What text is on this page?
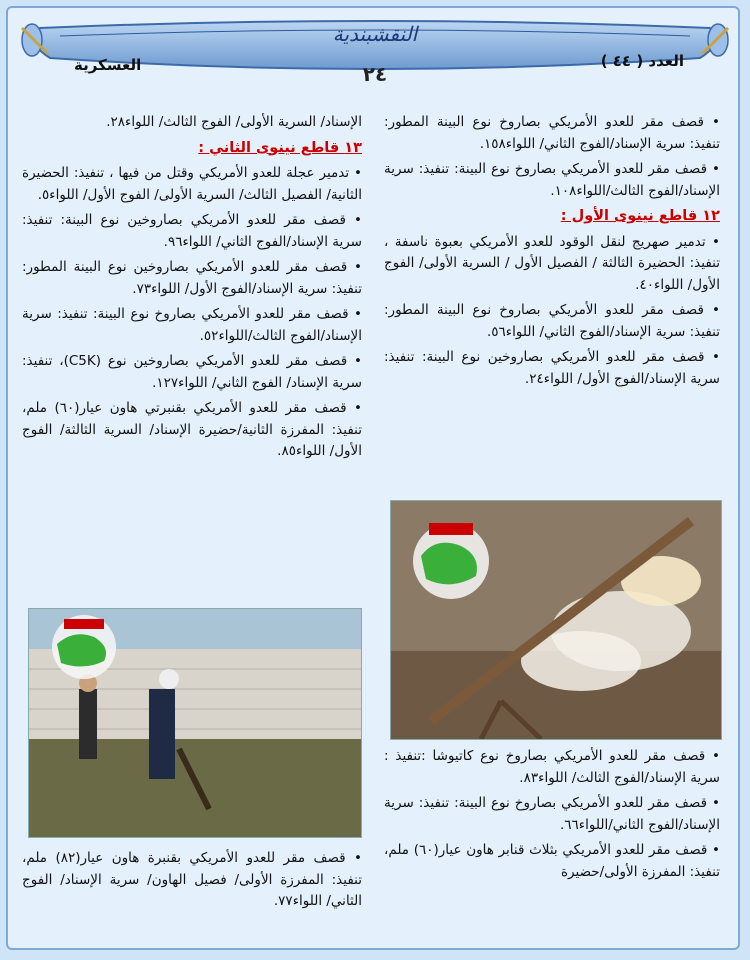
النقشبندية
العدد ( ٤٤ )
العسكرية	٢٤

• قصف مقر للعدو الأمريكي بصاروخ نوع البينة المطور: تنفيذ: سرية الإسناد/الفوج الثاني/ اللواء١٥٨.

• قصف مقر للعدو الأمريكي بصاروخ نوع البينة: تنفيذ: سرية الإسناد/الفوج الثالث/اللواء١٠٨.

١٢ قاطع نينوى الأول :

• تدمير صهريج لنقل الوقود للعدو الأمريكي بعبوة ناسفة ، تنفيذ: الحضيرة الثالثة / الفصيل الأول / السرية الأولى/ الفوج الأول/ اللواء٤٠.

• قصف مقر للعدو الأمريكي بصاروخ نوع البينة المطور: تنفيذ: سرية الإسناد/الفوج الثاني/ اللواء٥٦.

• قصف مقر للعدو الأمريكي بصاروخين نوع البينة: تنفيذ: سرية الإسناد/الفوج الأول/ اللواء٢٤.

• قصف مقر للعدو الأمريكي بصاروخ نوع كاتيوشا :تنفيذ : سرية الإسناد/الفوج الثالث/ اللواء٨٣.

• قصف مقر للعدو الأمريكي بصاروخ نوع البينة: تنفيذ: سرية الإسناد/الفوج الثاني/اللواء٦٦.

• قصف مقر للعدو الأمريكي بثلاث قنابر هاون عيار(٦٠) ملم، تنفيذ: المفرزة الأولى/حضيرة

الإسناد/ السرية الأولى/ الفوج الثالث/ اللواء٢٨.

١٣ قاطع نينوى الثاني :

• تدمير عجلة للعدو الأمريكي وقتل من فيها ، تنفيذ: الحضيرة الثانية/ الفصيل الثالث/ السرية الأولى/ الفوج الأول/ اللواء٥.

• قصف مقر للعدو الأمريكي بصاروخين نوع البينة: تنفيذ: سرية الإسناد/الفوج الثاني/ اللواء٩٦.

• قصف مقر للعدو الأمريكي بصاروخين نوع البينة المطور: تنفيذ: سرية الإسناد/الفوج الأول/ اللواء٧٣.

• قصف مقر للعدو الأمريكي بصاروخ نوع البينة: تنفيذ: سرية الإسناد/الفوج الثالث/اللواء٥٢.

• قصف مقر للعدو الأمريكي بصاروخين نوع (C5K)، تنفيذ: سرية الإسناد/ الفوج الثاني/ اللواء١٢٧.

• قصف مقر للعدو الأمريكي بقنبرتي هاون عيار(٦٠) ملم، تنفيذ: المفرزة الثانية/حضيرة الإسناد/ السرية الثالثة/ الفوج الأول/ اللواء٨٥.

• قصف مقر للعدو الأمريكي بقنبرة هاون عيار(٨٢) ملم، تنفيذ: المفرزة الأولى/ فصيل الهاون/ سرية الإسناد/ الفوج الثاني/ اللواء٧٧.
